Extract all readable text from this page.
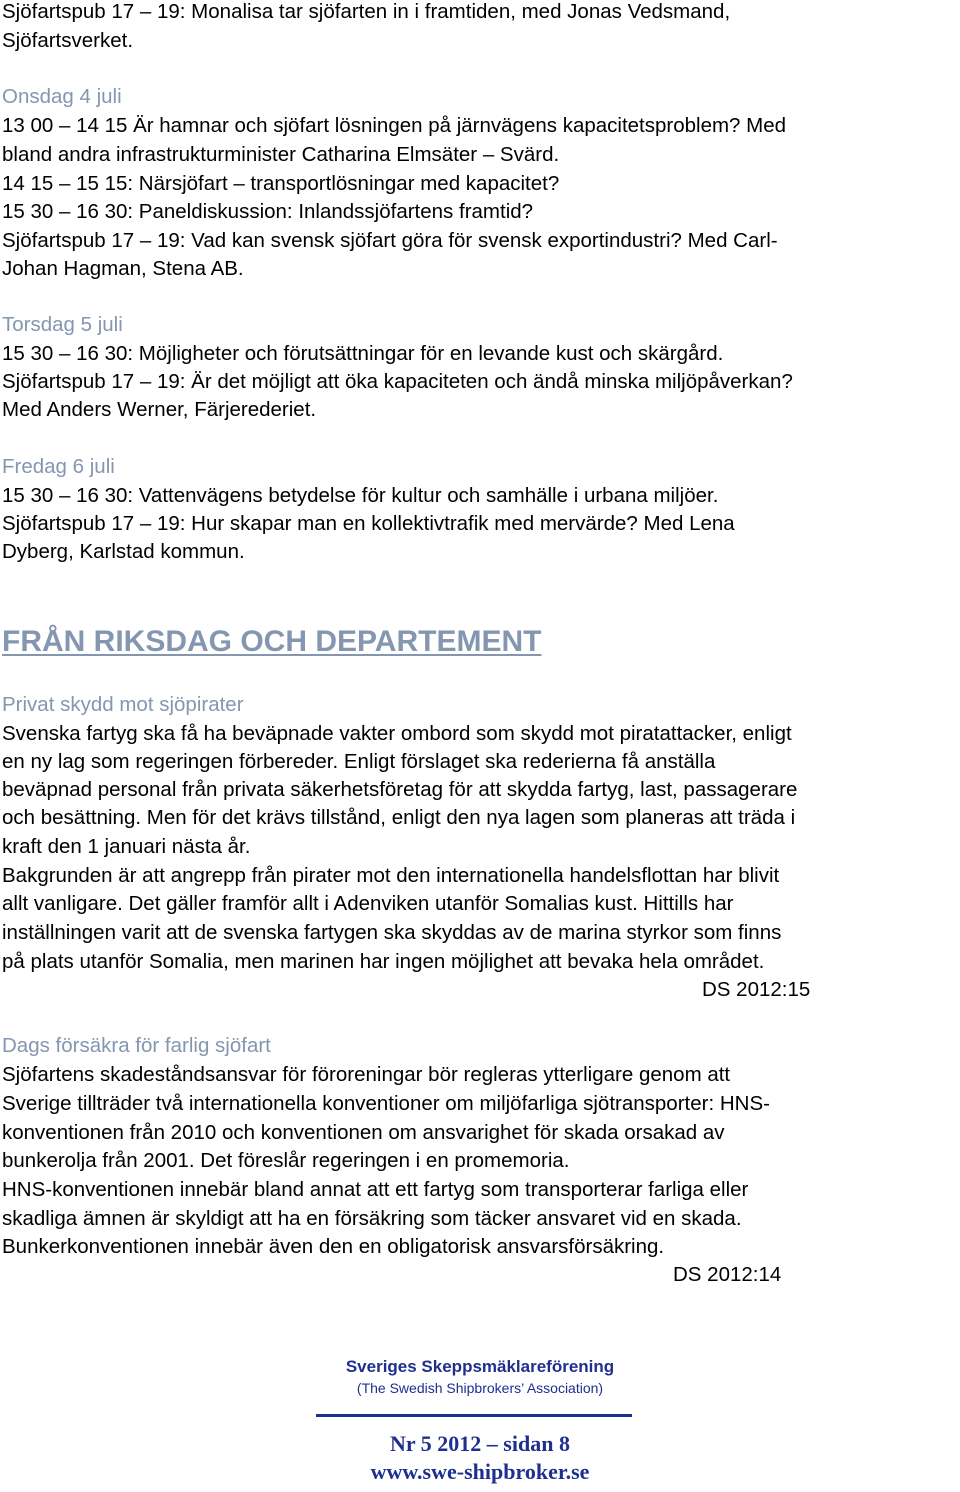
Sjöfartspub 17 – 19: Monalisa tar sjöfarten in i framtiden, med Jonas Vedsmand,

Sjöfartsverket.

Onsdag 4 juli

13 00 – 14 15 Är hamnar och sjöfart lösningen på järnvägens kapacitetsproblem? Med

bland andra infrastrukturminister Catharina Elmsäter – Svärd.

14 15 – 15 15: Närsjöfart – transportlösningar med kapacitet?

15 30 – 16 30: Paneldiskussion: Inlandssjöfartens framtid?

Sjöfartspub 17 – 19: Vad kan svensk sjöfart göra för svensk exportindustri? Med Carl-

Johan Hagman, Stena AB.

Torsdag 5 juli

15 30 – 16 30: Möjligheter och förutsättningar för en levande kust och skärgård.

Sjöfartspub 17 – 19: Är det möjligt att öka kapaciteten och ändå minska miljöpåverkan?

Med Anders Werner, Färjerederiet.

Fredag 6 juli

15 30 – 16 30: Vattenvägens betydelse för kultur och samhälle i urbana miljöer.

Sjöfartspub 17 – 19: Hur skapar man en kollektivtrafik med mervärde? Med Lena

Dyberg, Karlstad kommun.

FRÅN RIKSDAG OCH DEPARTEMENT

Privat skydd mot sjöpirater

Svenska fartyg ska få ha beväpnade vakter ombord som skydd mot piratattacker, enligt

en ny lag som regeringen förbereder. Enligt förslaget ska rederierna få anställa

beväpnad personal från privata säkerhetsföretag för att skydda fartyg, last, passagerare

och besättning. Men för det krävs tillstånd, enligt den nya lagen som planeras att träda i

kraft den 1 januari nästa år.

Bakgrunden är att angrepp från pirater mot den internationella handelsflottan har blivit

allt vanligare. Det gäller framför allt i Adenviken utanför Somalias kust. Hittills har

inställningen varit att de svenska fartygen ska skyddas av de marina styrkor som finns

på plats utanför Somalia, men marinen har ingen möjlighet att bevaka hela området.

DS 2012:15

Dags försäkra för farlig sjöfart

Sjöfartens skadeståndsansvar för föroreningar bör regleras ytterligare genom att

Sverige tillträder två internationella konventioner om miljöfarliga sjötransporter: HNS-

konventionen från 2010 och konventionen om ansvarighet för skada orsakad av

bunkerolja från 2001. Det föreslår regeringen i en promemoria.

HNS-konventionen innebär bland annat att ett fartyg som transporterar farliga eller

skadliga ämnen är skyldigt att ha en försäkring som täcker ansvaret vid en skada.

Bunkerkonventionen innebär även den en obligatorisk ansvarsförsäkring.

DS 2012:14
Sveriges Skeppsmäklareförening
(The Swedish Shipbrokers’ Association)
Nr 5 2012 – sidan 8
www.swe-shipbroker.se
